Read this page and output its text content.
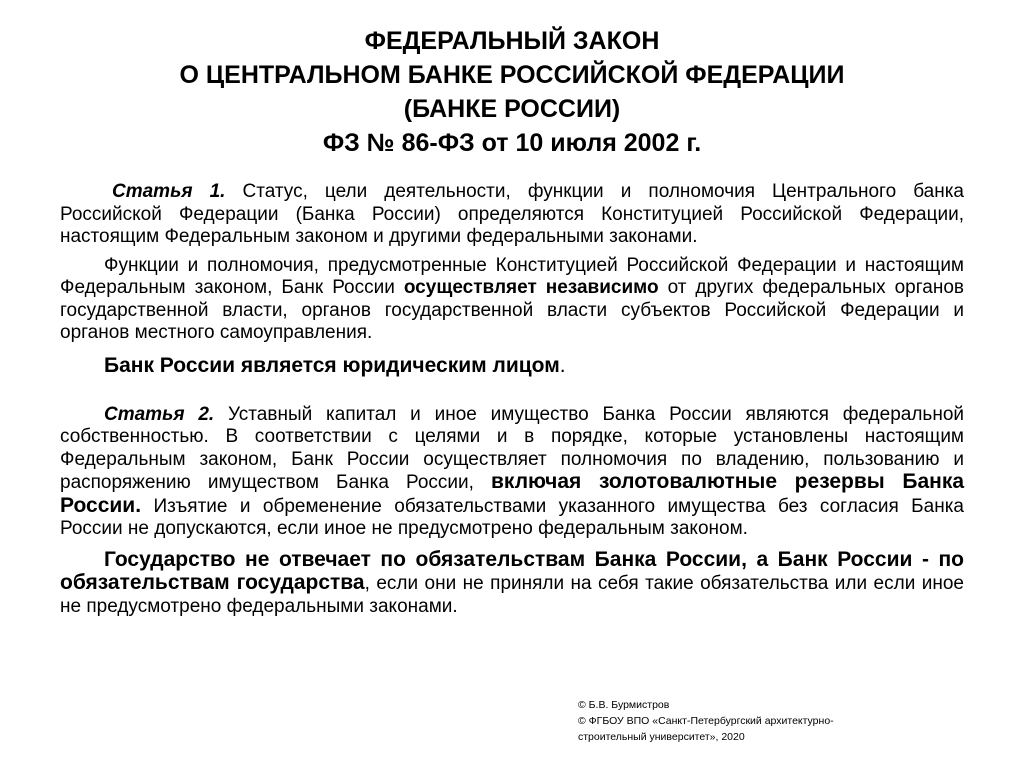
ФЕДЕРАЛЬНЫЙ ЗАКОН
О ЦЕНТРАЛЬНОМ БАНКЕ РОССИЙСКОЙ ФЕДЕРАЦИИ
(БАНКЕ РОССИИ)
ФЗ № 86-ФЗ от 10 июля 2002 г.

Статья 1. Статус, цели деятельности, функции и полномочия Центрального банка Российской Федерации (Банка России) определяются Конституцией Российской Федерации, настоящим Федеральным законом и другими федеральными законами.

Функции и полномочия, предусмотренные Конституцией Российской Федерации и настоящим Федеральным законом, Банк России осуществляет независимо от других федеральных органов государственной власти, органов государственной власти субъектов Российской Федерации и органов местного самоуправления.

Банк России является юридическим лицом.

Статья 2. Уставный капитал и иное имущество Банка России являются федеральной собственностью. В соответствии с целями и в порядке, которые установлены настоящим Федеральным законом, Банк России осуществляет полномочия по владению, пользованию и распоряжению имуществом Банка России, включая золотовалютные резервы Банка России. Изъятие и обременение обязательствами указанного имущества без согласия Банка России не допускаются, если иное не предусмотрено федеральным законом.

Государство не отвечает по обязательствам Банка России, а Банк России - по обязательствам государства, если они не приняли на себя такие обязательства или если иное не предусмотрено федеральными законами.

© Б.В. Бурмистров
© ФГБОУ ВПО «Санкт-Петербургский архитектурно-
строительный университет», 2020
